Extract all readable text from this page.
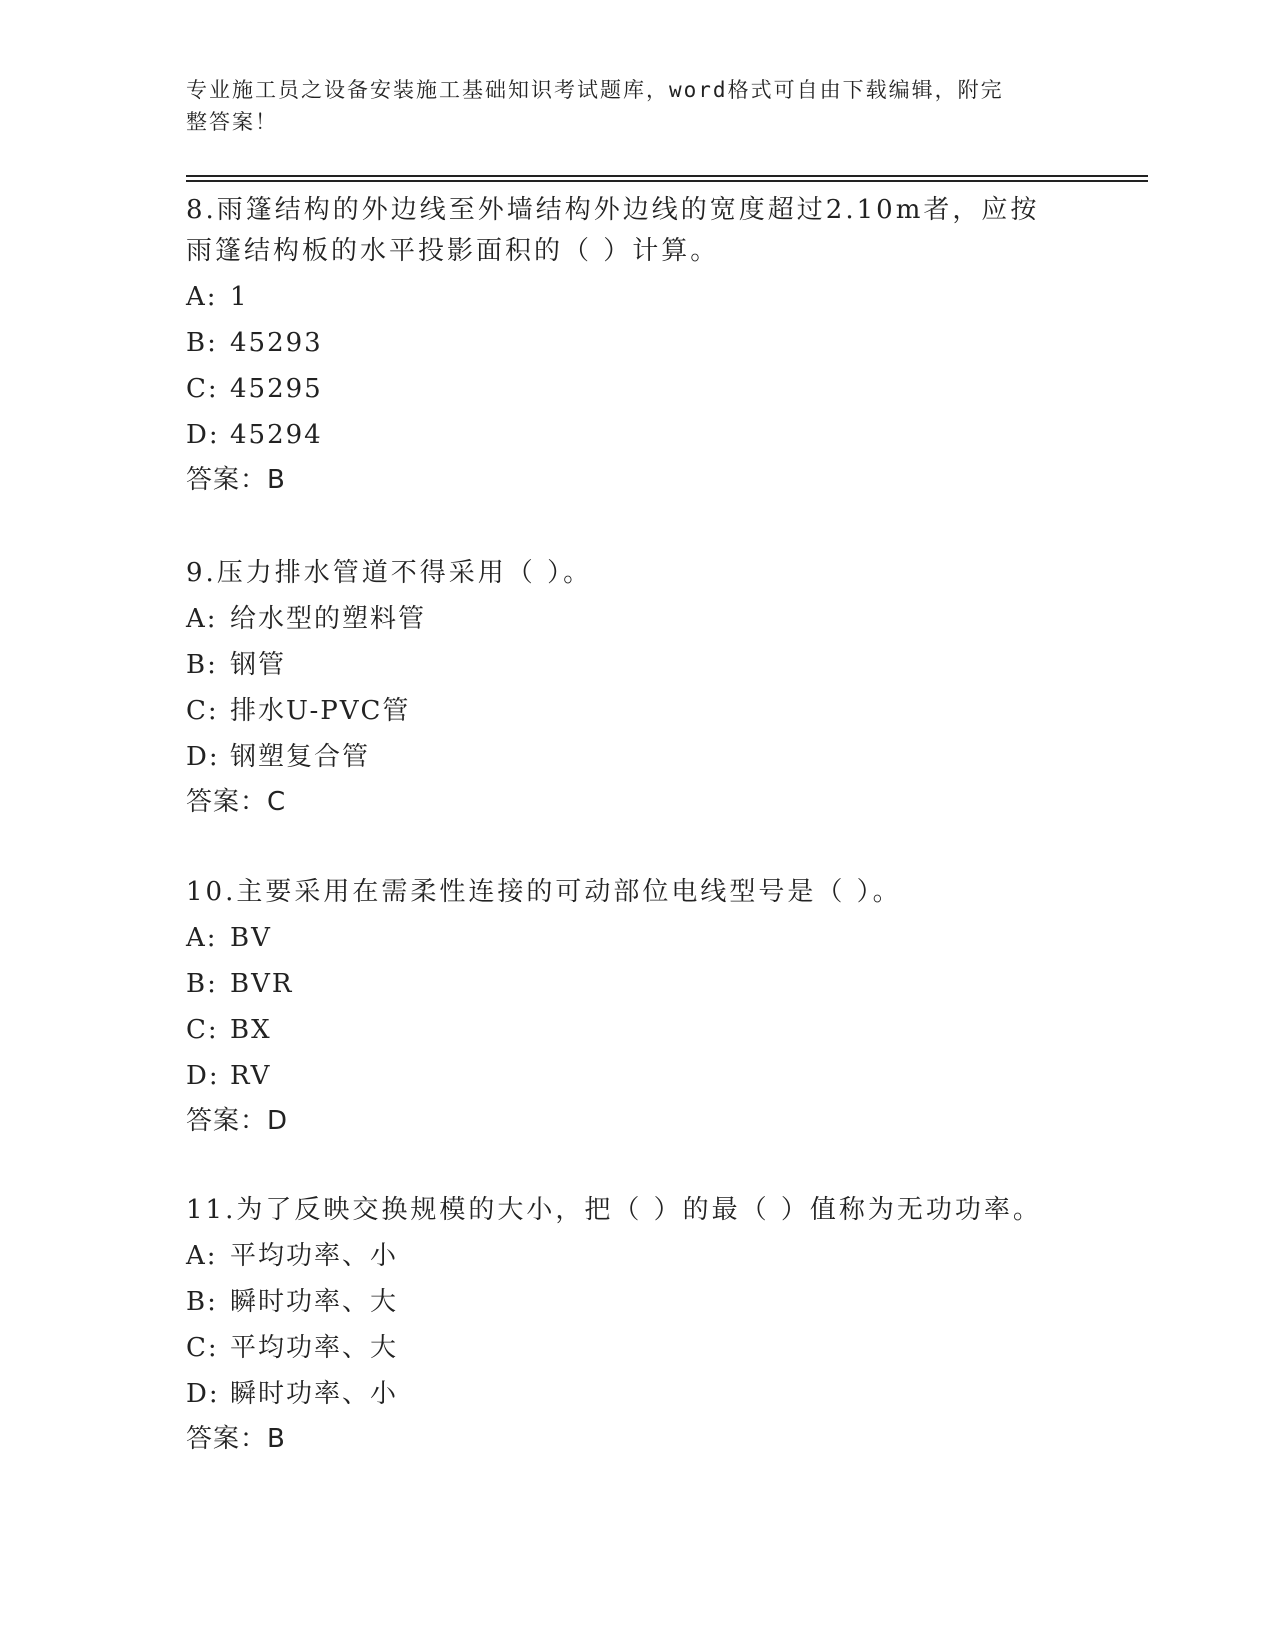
专业施工员之设备安装施工基础知识考试题库，word格式可自由下载编辑，附完
整答案！
8.雨篷结构的外边线至外墙结构外边线的宽度超过2.10m者，应按雨篷结构板的水平投影面积的（ ）计算。
A: 1
B: 45293
C: 45295
D: 45294
答案：B
9.压力排水管道不得采用（ ）。
A: 给水型的塑料管
B: 钢管
C: 排水U-PVC管
D: 钢塑复合管
答案：C
10.主要采用在需柔性连接的可动部位电线型号是（ ）。
A: BV
B: BVR
C: BX
D: RV
答案：D
11.为了反映交换规模的大小，把（ ）的最（ ）值称为无功功率。
A: 平均功率、小
B: 瞬时功率、大
C: 平均功率、大
D: 瞬时功率、小
答案：B
